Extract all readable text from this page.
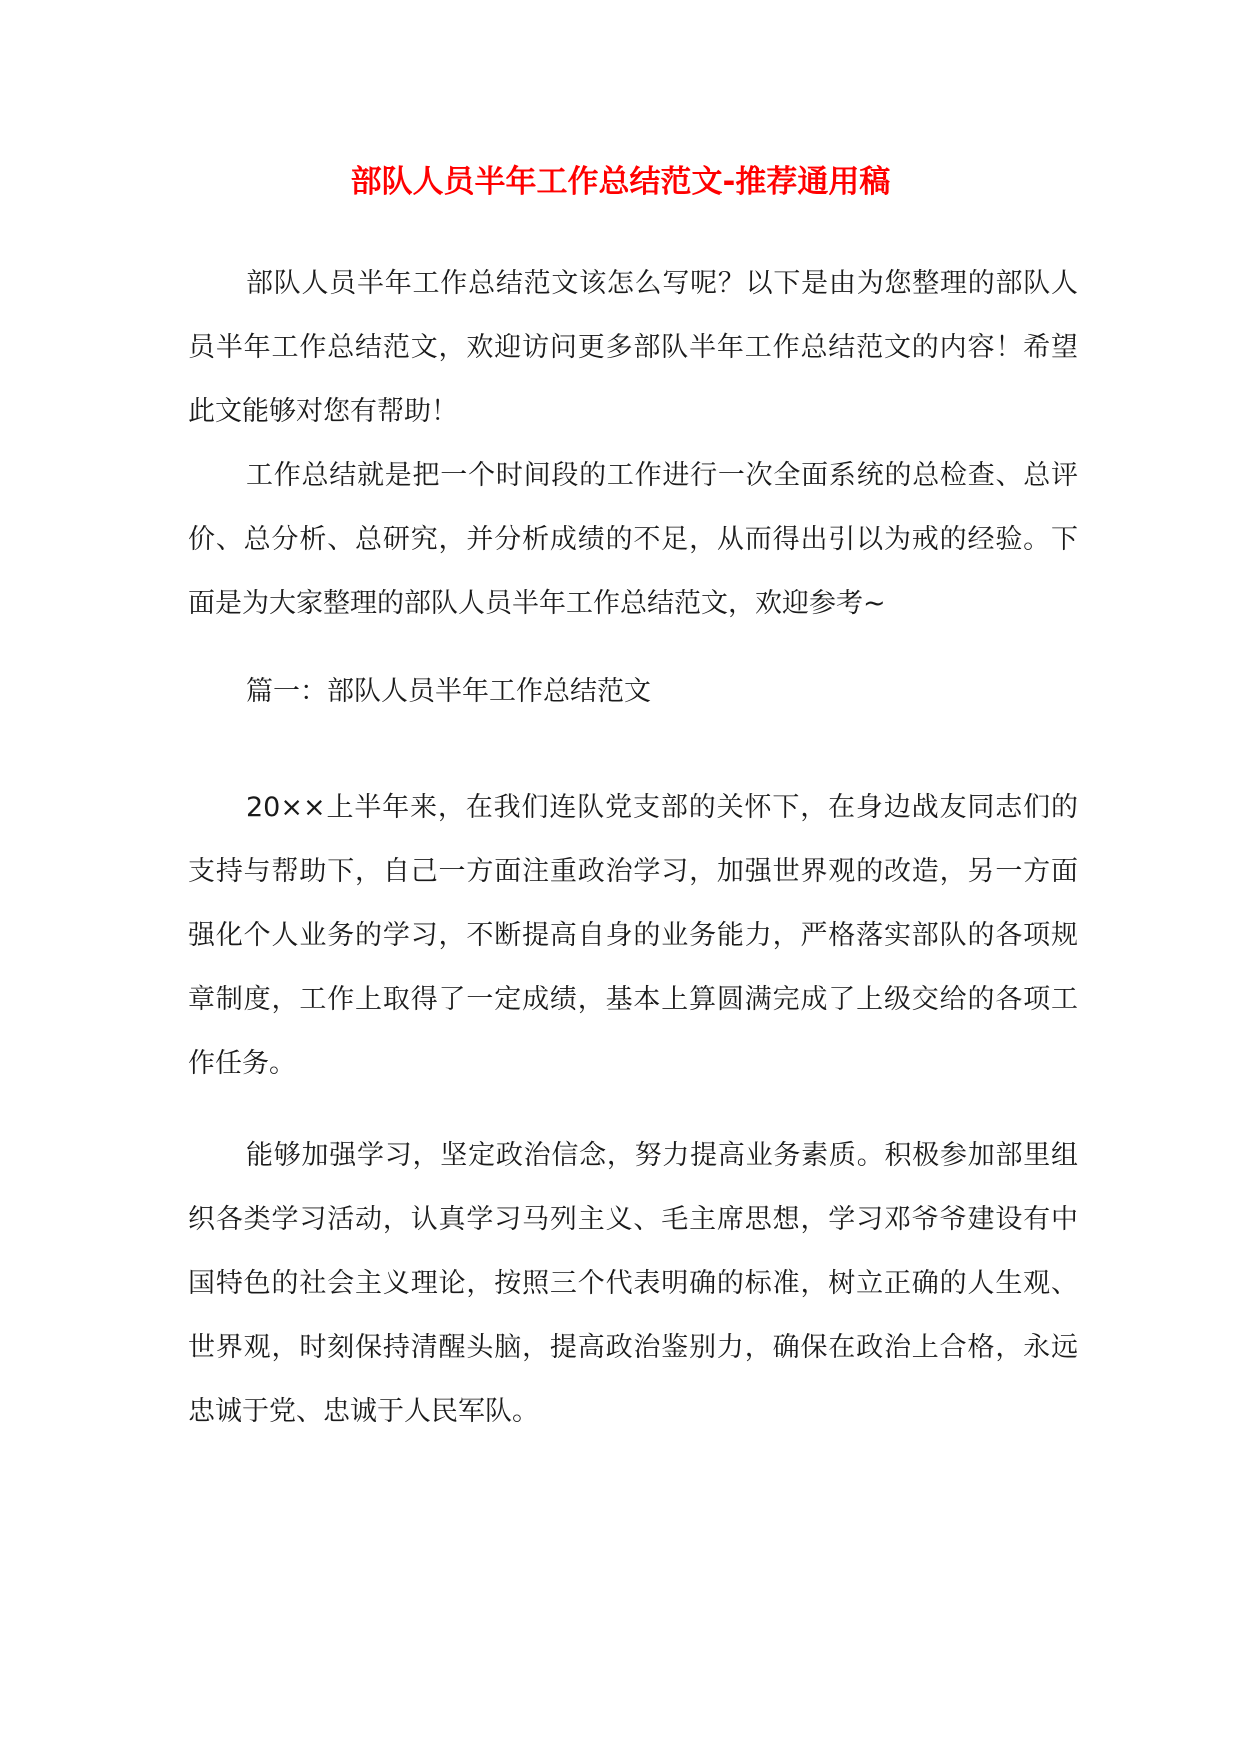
部队人员半年工作总结范文-推荐通用稿

部队人员半年工作总结范文该怎么写呢？以下是由为您整理的部队人员半年工作总结范文，欢迎访问更多部队半年工作总结范文的内容！希望此文能够对您有帮助！

工作总结就是把一个时间段的工作进行一次全面系统的总检查、总评价、总分析、总研究，并分析成绩的不足，从而得出引以为戒的经验。下面是为大家整理的部队人员半年工作总结范文，欢迎参考~

篇一：部队人员半年工作总结范文

20××上半年来，在我们连队党支部的关怀下，在身边战友同志们的支持与帮助下，自己一方面注重政治学习，加强世界观的改造，另一方面强化个人业务的学习，不断提高自身的业务能力，严格落实部队的各项规章制度，工作上取得了一定成绩，基本上算圆满完成了上级交给的各项工作任务。

能够加强学习，坚定政治信念，努力提高业务素质。积极参加部里组织各类学习活动，认真学习马列主义、毛主席思想，学习邓爷爷建设有中国特色的社会主义理论，按照三个代表明确的标准，树立正确的人生观、世界观，时刻保持清醒头脑，提高政治鉴别力，确保在政治上合格，永远忠诚于党、忠诚于人民军队。
